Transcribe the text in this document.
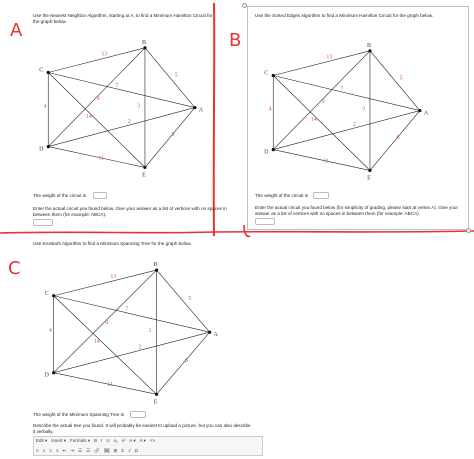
A	B
C
Use the Nearest Neighbor Algorithm, starting at A, to find a Minimum Hamilton Circuit for the graph below.
13
5
7
9
4	3
14
2
6
11
A
B
C
D
E
The weight of the circuit is
Enter the actual circuit you found below. Give your answer as a list of vertices with no spaces in between them (for example: ABCA).
Use the Sorted Edges Algorithm to find a Minimum Hamilton Circuit for the graph below.
13
5
7
9
4	3
14
2
6
11
A
B
C
D
E
The weight of the circuit is
Enter the actual circuit you found below (for simplicity of grading, please start at vertex A). Give your answer as a list of vertices with no spaces in between them (for example: ABCA).
Use Kruskal's Algorithm to find a Minimum Spanning Tree for the graph below.
13
5
7
9
4	3
14
2
6
11
A
B
C
D
E
The weight of the Minimum Spanning Tree is
Describe the actual tree you found. It will probably be easiest to upload a picture, but you can also describe it verbally.
Edit ▾ Insert ▾ Formats ▾ B I U x₂ x² A ▾ A ▾ <>
≡ ≡ ≡ ≡ ⇤ ⇥ ☰ ☰ 🔗 🖼 ⊞ Σ √ Ω
